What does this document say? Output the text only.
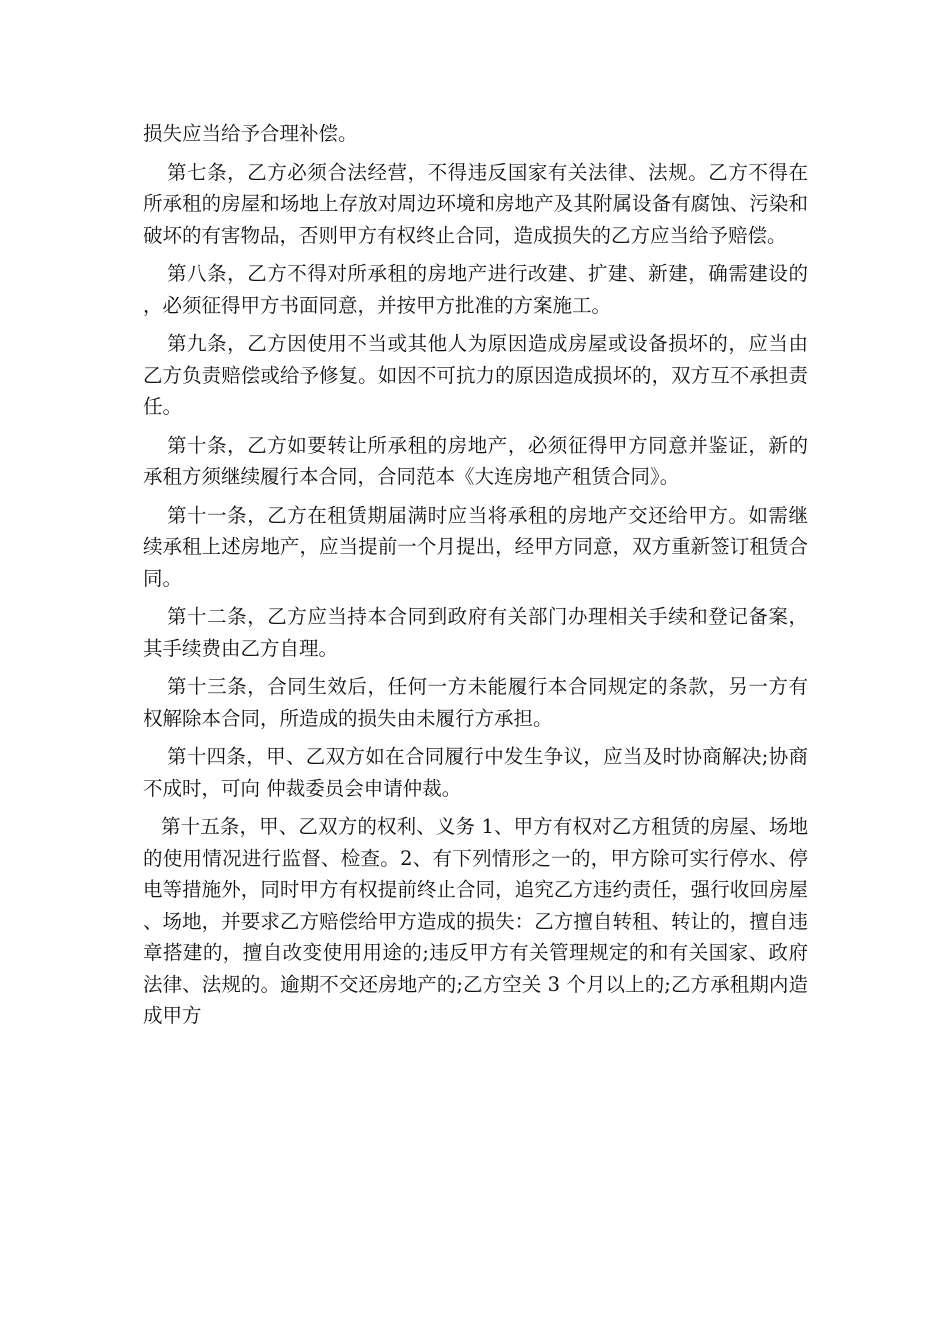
损失应当给予合理补偿。

第七条，乙方必须合法经营，不得违反国家有关法律、法规。乙方不得在所承租的房屋和场地上存放对周边环境和房地产及其附属设备有腐蚀、污染和破坏的有害物品，否则甲方有权终止合同，造成损失的乙方应当给予赔偿。

第八条，乙方不得对所承租的房地产进行改建、扩建、新建，确需建设的，必须征得甲方书面同意，并按甲方批准的方案施工。

第九条，乙方因使用不当或其他人为原因造成房屋或设备损坏的，应当由乙方负责赔偿或给予修复。如因不可抗力的原因造成损坏的，双方互不承担责任。

第十条，乙方如要转让所承租的房地产，必须征得甲方同意并鉴证，新的承租方须继续履行本合同，合同范本《大连房地产租赁合同》。

第十一条，乙方在租赁期届满时应当将承租的房地产交还给甲方。如需继续承租上述房地产，应当提前一个月提出，经甲方同意，双方重新签订租赁合同。

第十二条，乙方应当持本合同到政府有关部门办理相关手续和登记备案，其手续费由乙方自理。

第十三条，合同生效后，任何一方未能履行本合同规定的条款，另一方有权解除本合同，所造成的损失由未履行方承担。

第十四条，甲、乙双方如在合同履行中发生争议，应当及时协商解决;协商不成时，可向 仲裁委员会申请仲裁。

第十五条，甲、乙双方的权利、义务 1、甲方有权对乙方租赁的房屋、场地的使用情况进行监督、检查。2、有下列情形之一的，甲方除可实行停水、停电等措施外，同时甲方有权提前终止合同，追究乙方违约责任，强行收回房屋、场地，并要求乙方赔偿给甲方造成的损失：乙方擅自转租、转让的，擅自违章搭建的，擅自改变使用用途的;违反甲方有关管理规定的和有关国家、政府法律、法规的。逾期不交还房地产的;乙方空关 3 个月以上的;乙方承租期内造成甲方
